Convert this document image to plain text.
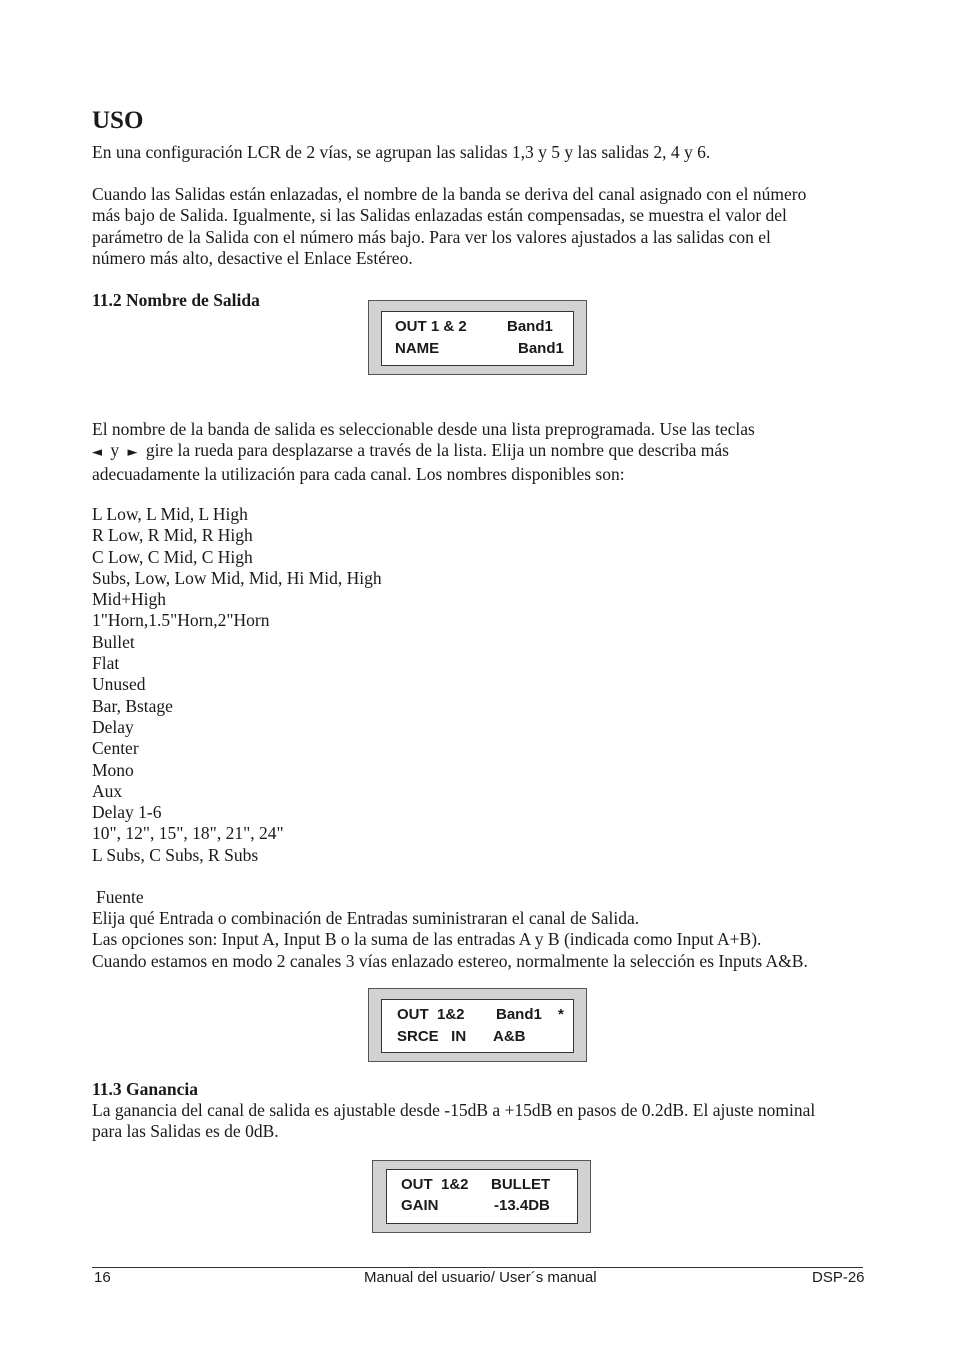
USO

En una configuración LCR de 2 vías, se agrupan las salidas 1,3 y 5 y las salidas 2, 4 y 6.

Cuando las Salidas están enlazadas, el nombre de la banda se deriva del canal asignado con el número

más bajo de Salida. Igualmente, si las Salidas enlazadas están compensadas, se muestra el valor del

parámetro de la Salida con el número más bajo. Para ver los valores ajustados a las salidas con el

número más alto, desactive el Enlace Estéreo.

11.2 Nombre de Salida
OUT 1 & 2	Band1
NAME	Band1

El nombre de la banda de salida es seleccionable desde una lista preprogramada. Use las teclas

◄ y ► gire la rueda para desplazarse a través de la lista. Elija un nombre que describa más

adecuadamente la utilización para cada canal. Los nombres disponibles son:

L Low, L Mid, L High
R Low, R Mid, R High
C Low, C Mid, C High
Subs, Low, Low Mid, Mid, Hi Mid, High
Mid+High
1"Horn,1.5"Horn,2"Horn
Bullet
Flat
Unused
Bar, Bstage
Delay
Center
Mono
Aux
Delay 1-6
10", 12", 15", 18", 21", 24"
L Subs, C Subs, R Subs
Fuente

Elija qué Entrada o combinación de Entradas suministraran el canal de Salida.

Las opciones son: Input A, Input B o la suma de las entradas A y B (indicada como Input A+B).

Cuando estamos en modo 2 canales 3 vías enlazado estereo, normalmente la selección es Inputs A&B.

OUT  1&2 Band1 *
SRCE   IN A&B
11.3 Ganancia

La ganancia del canal de salida es ajustable desde -15dB a +15dB en pasos de 0.2dB. El ajuste nominal

para las Salidas es de 0dB.

OUT  1&2 BULLET
GAIN	-13.4DB
16	Manual del usuario/ User´s manual	DSP-26
